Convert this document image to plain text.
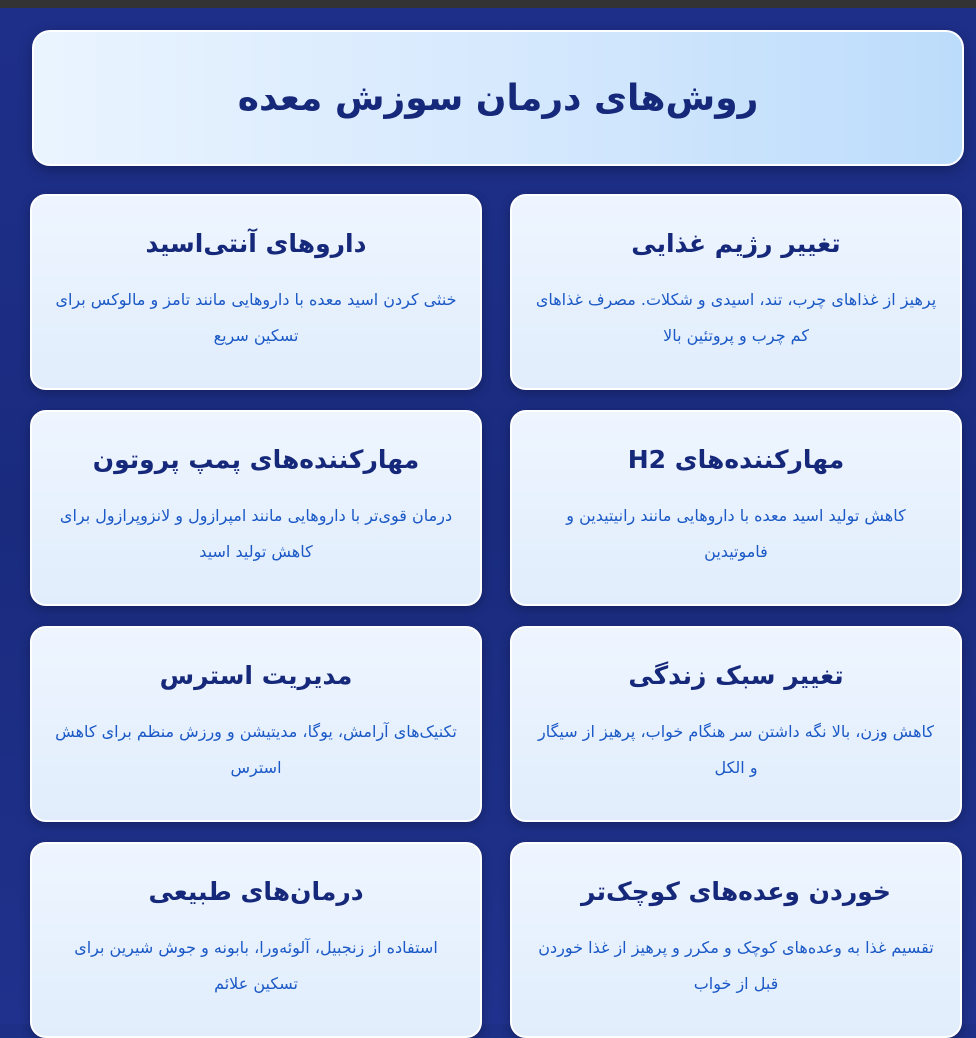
روش‌های درمان سوزش معده
تغییر رژیم غذایی

پرهیز از غذاهای چرب، تند، اسیدی و شکلات. مصرف غذاهای کم چرب و پروتئین بالا

داروهای آنتی‌اسید

خنثی کردن اسید معده با داروهایی مانند تامز و مالوکس برای تسکین سریع

مهارکننده‌های H2

کاهش تولید اسید معده با داروهایی مانند رانیتیدین و فاموتیدین

مهارکننده‌های پمپ پروتون

درمان قوی‌تر با داروهایی مانند امپرازول و لانزوپرازول برای کاهش تولید اسید

تغییر سبک زندگی

کاهش وزن، بالا نگه داشتن سر هنگام خواب، پرهیز از سیگار و الکل

مدیریت استرس

تکنیک‌های آرامش، یوگا، مدیتیشن و ورزش منظم برای کاهش استرس

خوردن وعده‌های کوچک‌تر

تقسیم غذا به وعده‌های کوچک و مکرر و پرهیز از غذا خوردن قبل از خواب

درمان‌های طبیعی

استفاده از زنجبیل، آلوئه‌ورا، بابونه و جوش شیرین برای تسکین علائم
